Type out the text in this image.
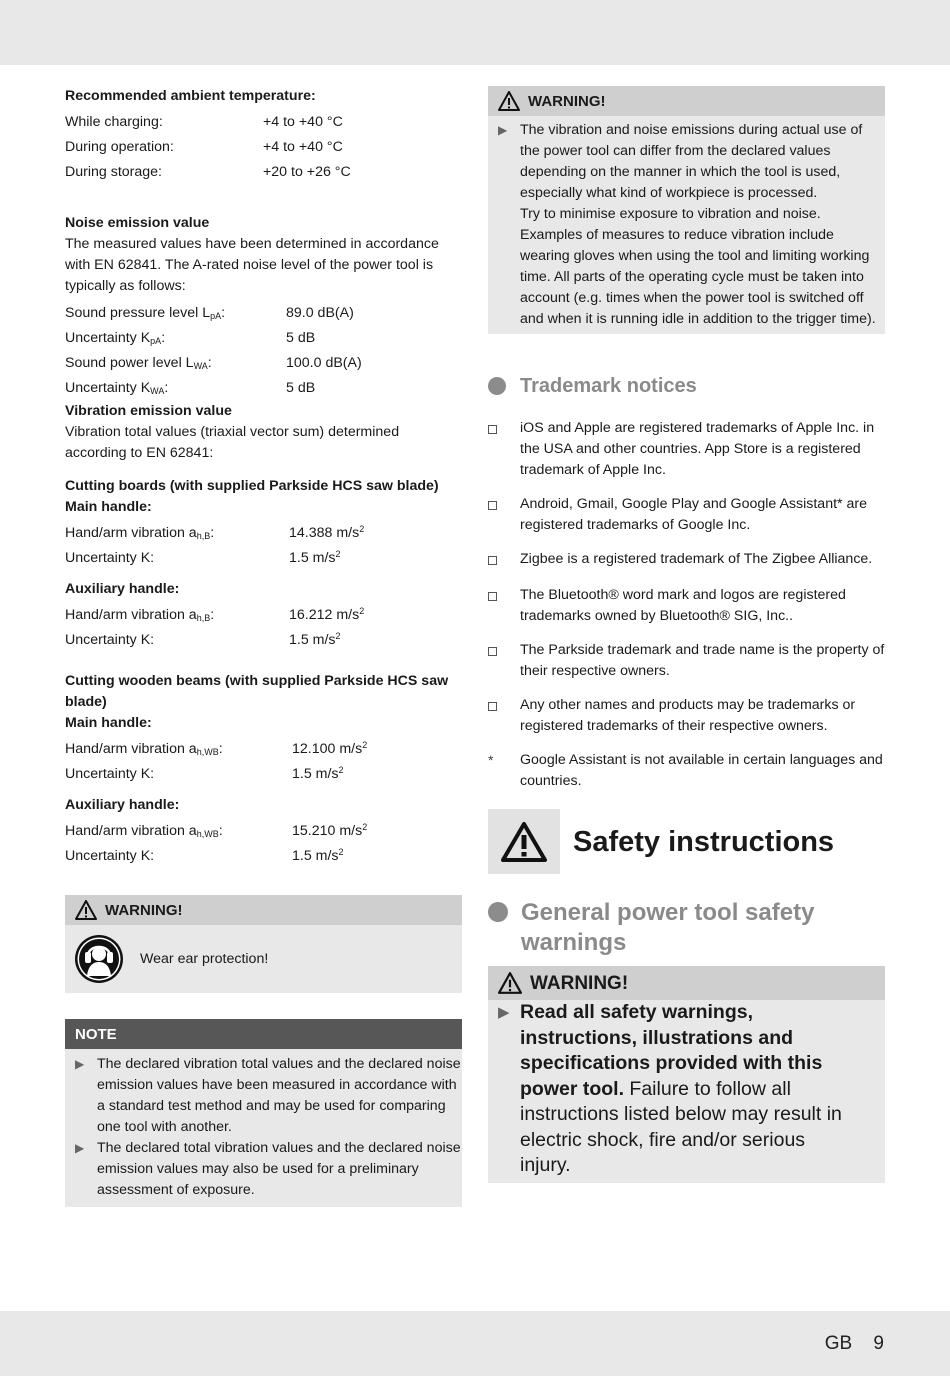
Recommended ambient temperature:
While charging:	+4 to +40 °C
During operation:	+4 to +40 °C
During storage:	+20 to +26 °C
Noise emission value
The measured values have been determined in accordance with EN 62841. The A-rated noise level of the power tool is typically as follows:
Sound pressure level $L_{pA}$:	89.0 dB(A)
Uncertainty $K_{pA}$:	5 dB
Sound power level $L_{WA}$:	100.0 dB(A)
Uncertainty $K_{WA}$:	5 dB
Vibration emission value
Vibration total values (triaxial vector sum) determined according to EN 62841:
Cutting boards (with supplied Parkside HCS saw blade)
Main handle:
Hand/arm vibration $a_{h,B}$:	14.388 $m/s^2$
Uncertainty K:	1.5 $m/s^2$
Auxiliary handle:
Hand/arm vibration $a_{h,B}$:	16.212 $m/s^2$
Uncertainty K:	1.5 $m/s^2$
Cutting wooden beams (with supplied Parkside HCS saw blade)
Main handle:
Hand/arm vibration $a_{h,WB}$:	12.100 $m/s^2$
Uncertainty K:	1.5 $m/s^2$
Auxiliary handle:
Hand/arm vibration $a_{h,WB}$:	15.210 $m/s^2$
Uncertainty K:	1.5 $m/s^2$
WARNING!
Wear ear protection!
NOTE
▶ The declared vibration total values and the declared noise emission values have been measured in accordance with a standard test method and may be used for comparing one tool with another.
▶ The declared total vibration values and the declared noise emission values may also be used for a preliminary assessment of exposure.
WARNING!
▶ The vibration and noise emissions during actual use of the power tool can differ from the declared values depending on the manner in which the tool is used, especially what kind of workpiece is processed.
Try to minimise exposure to vibration and noise. Examples of measures to reduce vibration include wearing gloves when using the tool and limiting working time. All parts of the operating cycle must be taken into account (e.g. times when the power tool is switched off and when it is running idle in addition to the trigger time).
Trademark notices
iOS and Apple are registered trademarks of Apple Inc. in the USA and other countries. App Store is a registered trademark of Apple Inc.
Android, Gmail, Google Play and Google Assistant* are registered trademarks of Google Inc.
Zigbee is a registered trademark of The Zigbee Alliance.
The Bluetooth® word mark and logos are registered trademarks owned by Bluetooth® SIG, Inc..
The Parkside trademark and trade name is the property of their respective owners.
Any other names and products may be trademarks or registered trademarks of their respective owners.
*	Google Assistant is not available in certain languages and countries.
Safety instructions
General power tool safety warnings
WARNING!
▶ Read all safety warnings, instructions, illustrations and specifications provided with this power tool. Failure to follow all instructions listed below may result in electric shock, fire and/or serious injury.
GB 9
